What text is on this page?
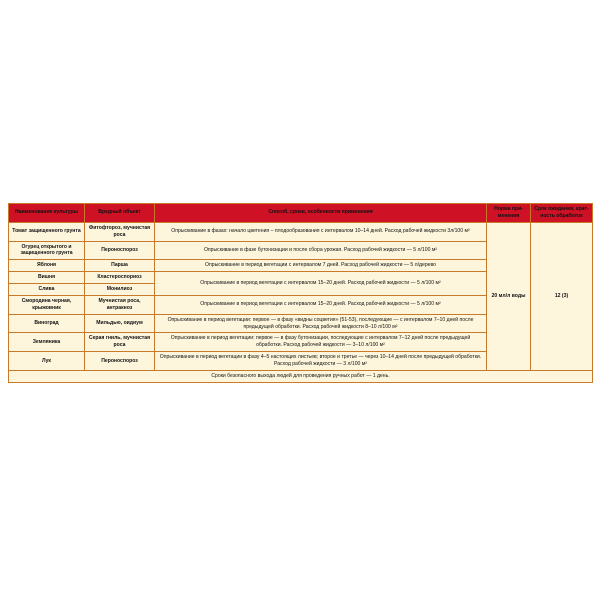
Наименование культуры	Вредный объект	Способ, сроки, особенности применения	Норма применения	Срок ожидания, кратность обработок
Томат защищенного грунта	Фитофтороз, мучнистая роса	Опрыскивание в фазах: начало цветения – плодообразования с интервалом 10–14 дней. Расход рабочей жидкости 3л/100 м²	20 мл/л воды	12 (3)
Огурец открытого и защищенного грунта	Пероноспороз	Опрыскивание в фазе бутонизации и после сбора урожая. Расход рабочей жидкости — 5 л/100 м²		
Яблоня	Парша	Опрыскивание в период вегетации с интервалом 7 дней. Расход рабочей жидкости — 5 л/дерево		
Вишня	Кластероспориоз	Опрыскивание в период вегетации с интервалом 15–20 дней. Расход рабочей жидкости — 5 л/100 м²		
Слива	Монилиоз			
Смородина черная, крыжовник	Мучнистая роса, антракноз	Опрыскивание в период вегетации с интервалом 15–20 дней. Расход рабочей жидкости — 5 л/100 м²		
Виноград	Мильдью, оидиум	Опрыскивание в период вегетации: первое — в фазу «видны соцветия» (51-53), последующие — с интервалом 7–10 дней после предыдущей обработки. Расход рабочей жидкости 8–10 л/100 м²		
Земляника	Серая гниль, мучнистая роса	Опрыскивание в период вегетации: первое — в фазу бутонизации, последующие с интервалом 7–12 дней после предыдущей обработки. Расход рабочей жидкости — 3–10 л/100 м²		
Лук	Пероноспороз	Опрыскивание в период вегетации в фазу 4–5 настоящих листьев; второе и третье — через 10–14 дней после предыдущей обработки. Расход рабочей жидкости — 3 л/100 м²		
Сроки безопасного выхода людей для проведения ручных работ — 1 день.				
